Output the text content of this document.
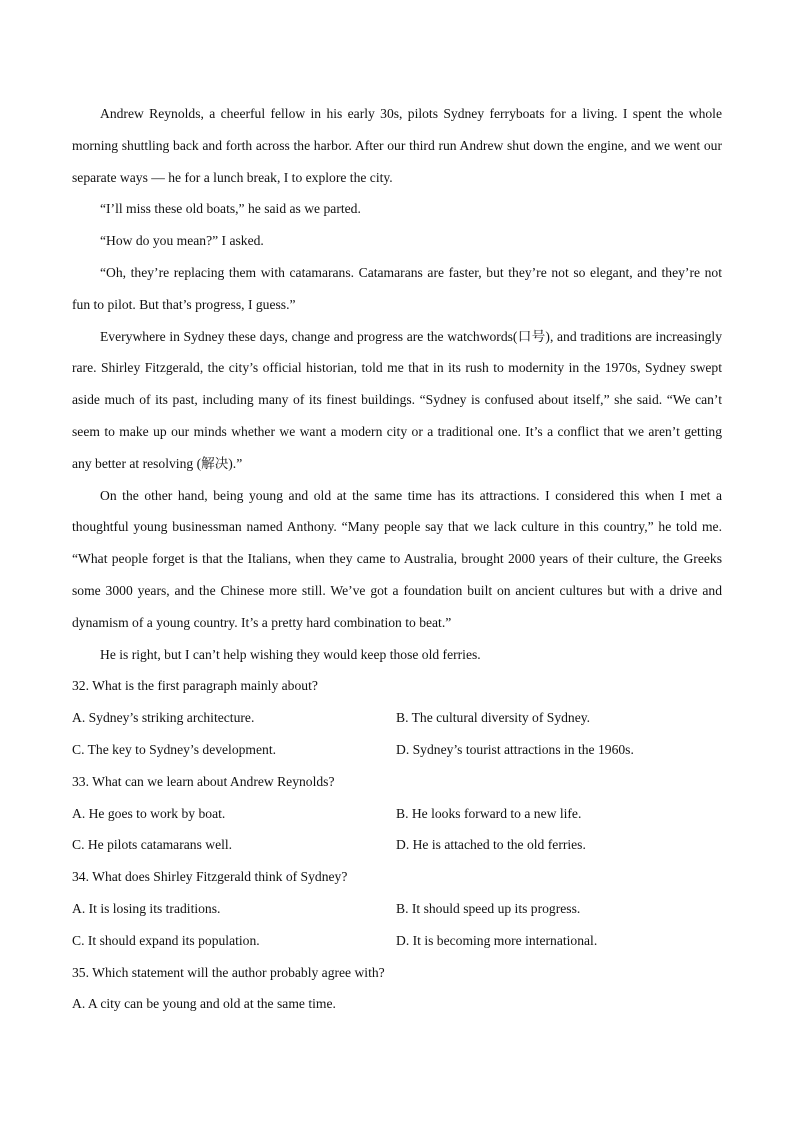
Andrew Reynolds, a cheerful fellow in his early 30s, pilots Sydney ferryboats for a living. I spent the whole morning shuttling back and forth across the harbor. After our third run Andrew shut down the engine, and we went our separate ways — he for a lunch break, I to explore the city.

“I’ll miss these old boats,” he said as we parted.

“How do you mean?” I asked.

“Oh, they’re replacing them with catamarans. Catamarans are faster, but they’re not so elegant, and they’re not fun to pilot. But that’s progress, I guess.”

Everywhere in Sydney these days, change and progress are the watchwords(口号), and traditions are increasingly rare. Shirley Fitzgerald, the city’s official historian, told me that in its rush to modernity in the 1970s, Sydney swept aside much of its past, including many of its finest buildings. “Sydney is confused about itself,” she said. “We can’t seem to make up our minds whether we want a modern city or a traditional one. It’s a conflict that we aren’t getting any better at resolving (解决).”

On the other hand, being young and old at the same time has its attractions. I considered this when I met a thoughtful young businessman named Anthony. “Many people say that we lack culture in this country,” he told me. “What people forget is that the Italians, when they came to Australia, brought 2000 years of their culture, the Greeks some 3000 years, and the Chinese more still. We’ve got a foundation built on ancient cultures but with a drive and dynamism of a young country. It’s a pretty hard combination to beat.”

He is right, but I can’t help wishing they would keep those old ferries.

32. What is the first paragraph mainly about?

A. Sydney’s striking architecture.	B. The cultural diversity of Sydney.
C. The key to Sydney’s development.	D. Sydney’s tourist attractions in the 1960s.

33. What can we learn about Andrew Reynolds?

A. He goes to work by boat.	B. He looks forward to a new life.
C. He pilots catamarans well.	D. He is attached to the old ferries.

34. What does Shirley Fitzgerald think of Sydney?

A. It is losing its traditions.	B. It should speed up its progress.
C. It should expand its population.	D. It is becoming more international.

35. Which statement will the author probably agree with?

A. A city can be young and old at the same time.
